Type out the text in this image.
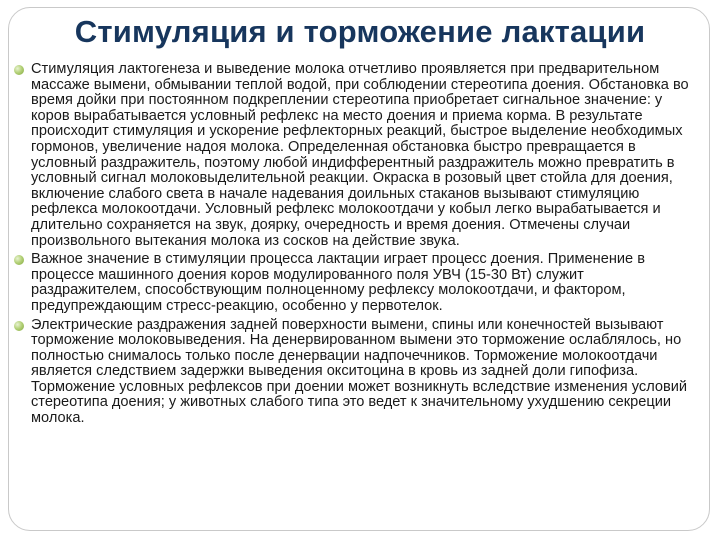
Стимуляция и торможение лактации
Стимуляция лактогенеза и выведение молока отчетливо проявляется при предварительном массаже вымени, обмывании теплой водой, при соблюдении стереотипа доения. Обстановка во время дойки при постоянном подкреплении стереотипа приобретает сигнальное значение: у коров вырабатывается условный рефлекс на место доения и приема корма. В результате происходит стимуляция и ускорение рефлекторных реакций, быстрое выделение необходимых гормонов, увеличение надоя молока. Определенная обстановка быстро превращается в условный раздражитель, поэтому любой индифферентный раздражитель можно превратить в условный сигнал молоковыделительной реакции. Окраска в розовый цвет стойла для доения, включение слабого света в начале надевания доильных стаканов вызывают стимуляцию рефлекса молокоотдачи. Условный рефлекс молокоотдачи у кобыл легко вырабатывается и длительно сохраняется на звук, доярку, очередность и время доения. Отмечены случаи произвольного вытекания молока из сосков на действие звука.
Важное значение в стимуляции процесса лактации играет процесс доения. Применение в процессе машинного доения коров модулированного поля УВЧ (15-30 Вт) служит раздражителем, способствующим полноценному рефлексу молокоотдачи, и фактором, предупреждающим стресс-реакцию, особенно у первотелок.
Электрические раздражения задней поверхности вымени, спины или конечностей вызывают торможение молоковыведения. На денервированном вымени это торможение ослаблялось, но полностью снималось только после денервации надпочечников. Торможение молокоотдачи является следствием задержки выведения окситоцина в кровь из задней доли гипофиза. Торможение условных рефлексов при доении может возникнуть вследствие изменения условий стереотипа доения; у животных слабого типа это ведет к значительному ухудшению секреции молока.
